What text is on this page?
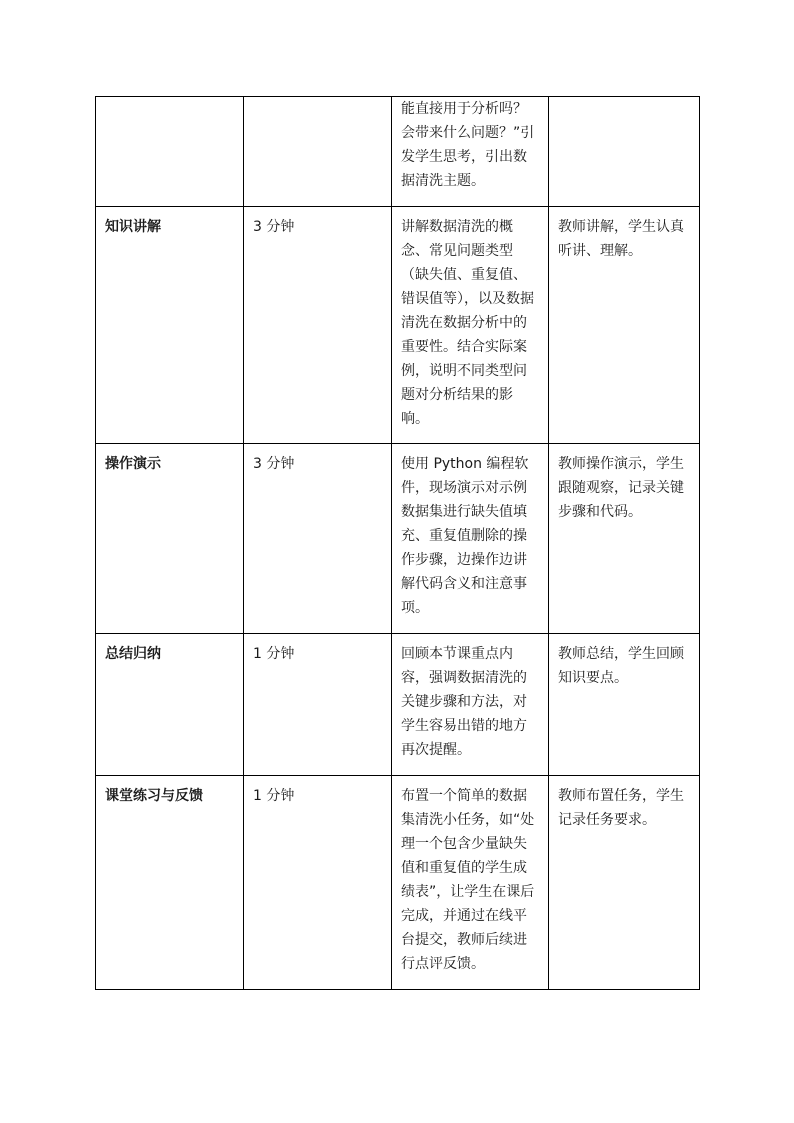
		能直接用于分析吗？会带来什么问题？”引发学生思考，引出数据清洗主题。	

知识讲解	3 分钟	讲解数据清洗的概念、常见问题类型（缺失值、重复值、错误值等），以及数据清洗在数据分析中的重要性。结合实际案例，说明不同类型问题对分析结果的影响。	教师讲解，学生认真听讲、理解。

操作演示	3 分钟	使用 Python 编程软件，现场演示对示例数据集进行缺失值填充、重复值删除的操作步骤，边操作边讲解代码含义和注意事项。	教师操作演示，学生跟随观察，记录关键步骤和代码。

总结归纳	1 分钟	回顾本节课重点内容，强调数据清洗的关键步骤和方法，对学生容易出错的地方再次提醒。	教师总结，学生回顾知识要点。

课堂练习与反馈	1 分钟	布置一个简单的数据集清洗小任务，如“处理一个包含少量缺失值和重复值的学生成绩表”，让学生在课后完成，并通过在线平台提交，教师后续进行点评反馈。	教师布置任务，学生记录任务要求。
